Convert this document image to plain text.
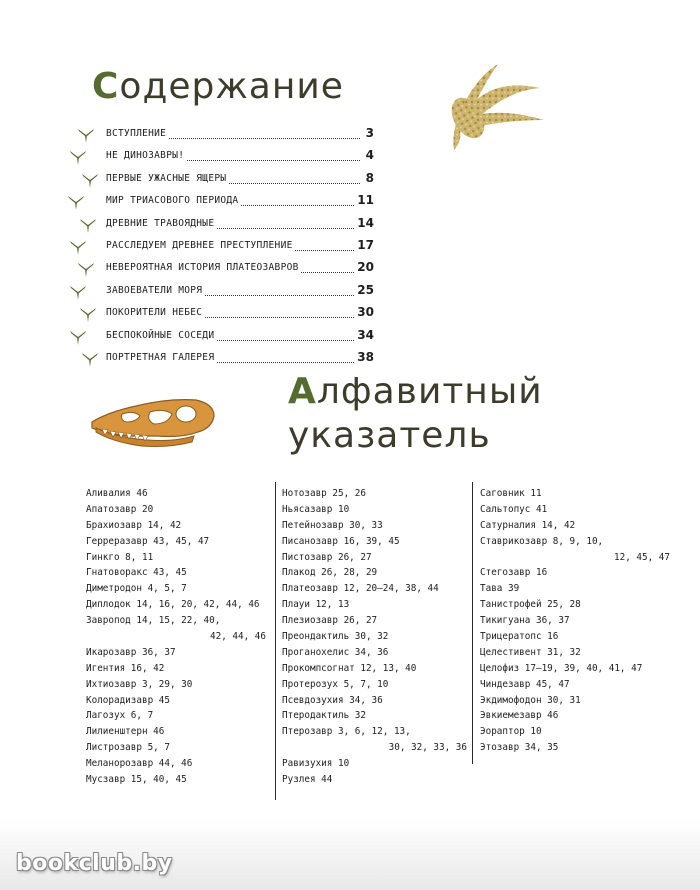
Содержание
ВСТУПЛЕНИЕ	3
НЕ ДИНОЗАВРЫ!	4
ПЕРВЫЕ УЖАСНЫЕ ЯЩЕРЫ	8
МИР ТРИАСОВОГО ПЕРИОДА	11
ДРЕВНИЕ ТРАВОЯДНЫЕ	14
РАССЛЕДУЕМ ДРЕВНЕЕ ПРЕСТУПЛЕНИЕ	17
НЕВЕРОЯТНАЯ ИСТОРИЯ ПЛАТЕОЗАВРОВ	20
ЗАВОЕВАТЕЛИ МОРЯ	25
ПОКОРИТЕЛИ НЕБЕС	30
БЕСПОКОЙНЫЕ СОСЕДИ	34
ПОРТРЕТНАЯ ГАЛЕРЕЯ	38
Алфавитный
указатель
Аливалия 46
Апатозавр 20
Брахиозавр 14, 42
Герреразавр 43, 45, 47
Гинкго 8, 11
Гнатоворакс 43, 45
Диметродон 4, 5, 7
Диплодок 14, 16, 20, 42, 44, 46
Завропод 14, 15, 22, 40,
42, 44, 46
Икарозавр 36, 37
Игентия 16, 42
Ихтиозавр 3, 29, 30
Колорадизавр 45
Лагозух 6, 7
Лилиенштерн 46
Листрозавр 5, 7
Меланорозавр 44, 46
Мусзавр 15, 40, 45
Нотозавр 25, 26
Ньясазавр 10
Петейнозавр 30, 33
Писанозавр 16, 39, 45
Пистозавр 26, 27
Плакод 26, 28, 29
Платеозавр 12, 20–24, 38, 44
Плауи 12, 13
Плезиозавр 26, 27
Преондактиль 30, 32
Проганохелис 34, 36
Прокомпсогнат 12, 13, 40
Протерозух 5, 7, 10
Псевдозухия 34, 36
Птеродактиль 32
Птерозавр 3, 6, 12, 13,
30, 32, 33, 36
Равизухия 10
Рузлея 44
Саговник 11
Сальтопус 41
Сатурналия 14, 42
Ставрикозавр 8, 9, 10,
12, 45, 47
Стегозавр 16
Тава 39
Танистрофей 25, 28
Тикигуана 36, 37
Трицератопс 16
Целестивент 31, 32
Целофиз 17–19, 39, 40, 41, 47
Чиндезавр 45, 47
Экдимофодон 30, 31
Эвкиемезавр 46
Эораптор 10
Этозавр 34, 35
bookclub.by
